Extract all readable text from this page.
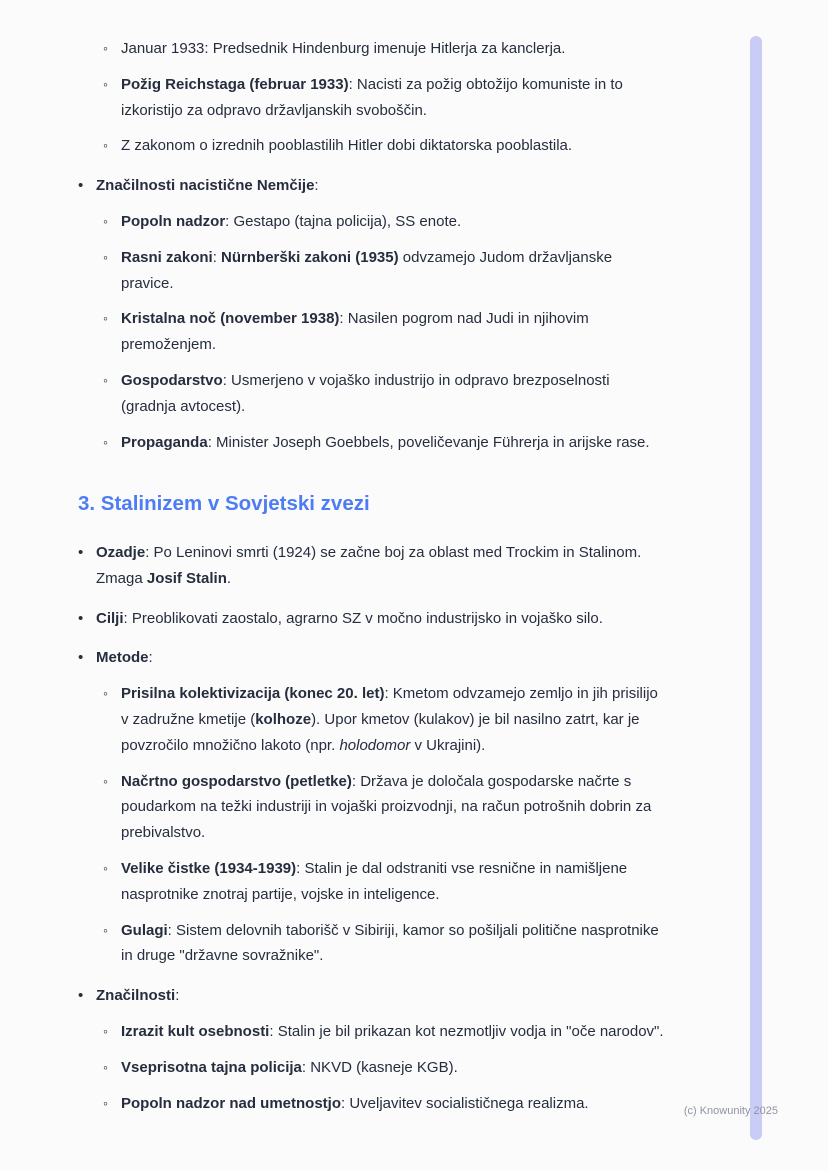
◦ Januar 1933: Predsednik Hindenburg imenuje Hitlerja za kanclerja.
◦ Požig Reichstaga (februar 1933): Nacisti za požig obtožijo komuniste in to izkoristijo za odpravo državljanskih svoboščin.
◦ Z zakonom o izrednih pooblastilih Hitler dobi diktatorska pooblastila.
• Značilnosti nacistične Nemčije:
◦ Popoln nadzor: Gestapo (tajna policija), SS enote.
◦ Rasni zakoni: Nürnberški zakoni (1935) odvzamejo Judom državljanske pravice.
◦ Kristalna noč (november 1938): Nasilen pogrom nad Judi in njihovim premoženjem.
◦ Gospodarstvo: Usmerjeno v vojaško industrijo in odpravo brezposelnosti (gradnja avtocest).
◦ Propaganda: Minister Joseph Goebbels, poveličevanje Führerja in arijske rase.
3. Stalinizem v Sovjetski zvezi
• Ozadje: Po Leninovi smrti (1924) se začne boj za oblast med Trockim in Stalinom. Zmaga Josif Stalin.
• Cilji: Preoblikovati zaostalo, agrarno SZ v močno industrijsko in vojaško silo.
• Metode:
◦ Prisilna kolektivizacija (konec 20. let): Kmetom odvzamejo zemljo in jih prisilijo v zadružne kmetije (kolhoze). Upor kmetov (kulakov) je bil nasilno zatrt, kar je povzročilo množično lakoto (npr. holodomor v Ukrajini).
◦ Načrtno gospodarstvo (petletke): Država je določala gospodarske načrte s poudarkom na težki industriji in vojaški proizvodnji, na račun potrošnih dobrin za prebivalstvo.
◦ Velike čistke (1934-1939): Stalin je dal odstraniti vse resnične in namišljene nasprotnike znotraj partije, vojske in inteligence.
◦ Gulagi: Sistem delovnih taborišč v Sibiriji, kamor so pošiljali politične nasprotnike in druge "državne sovražnike".
• Značilnosti:
◦ Izrazit kult osebnosti: Stalin je bil prikazan kot nezmotljiv vodja in "oče narodov".
◦ Vseprisotna tajna policija: NKVD (kasneje KGB).
◦ Popoln nadzor nad umetnostjo: Uveljavitev socialističnega realizma.	(c) Knowunity 2025
